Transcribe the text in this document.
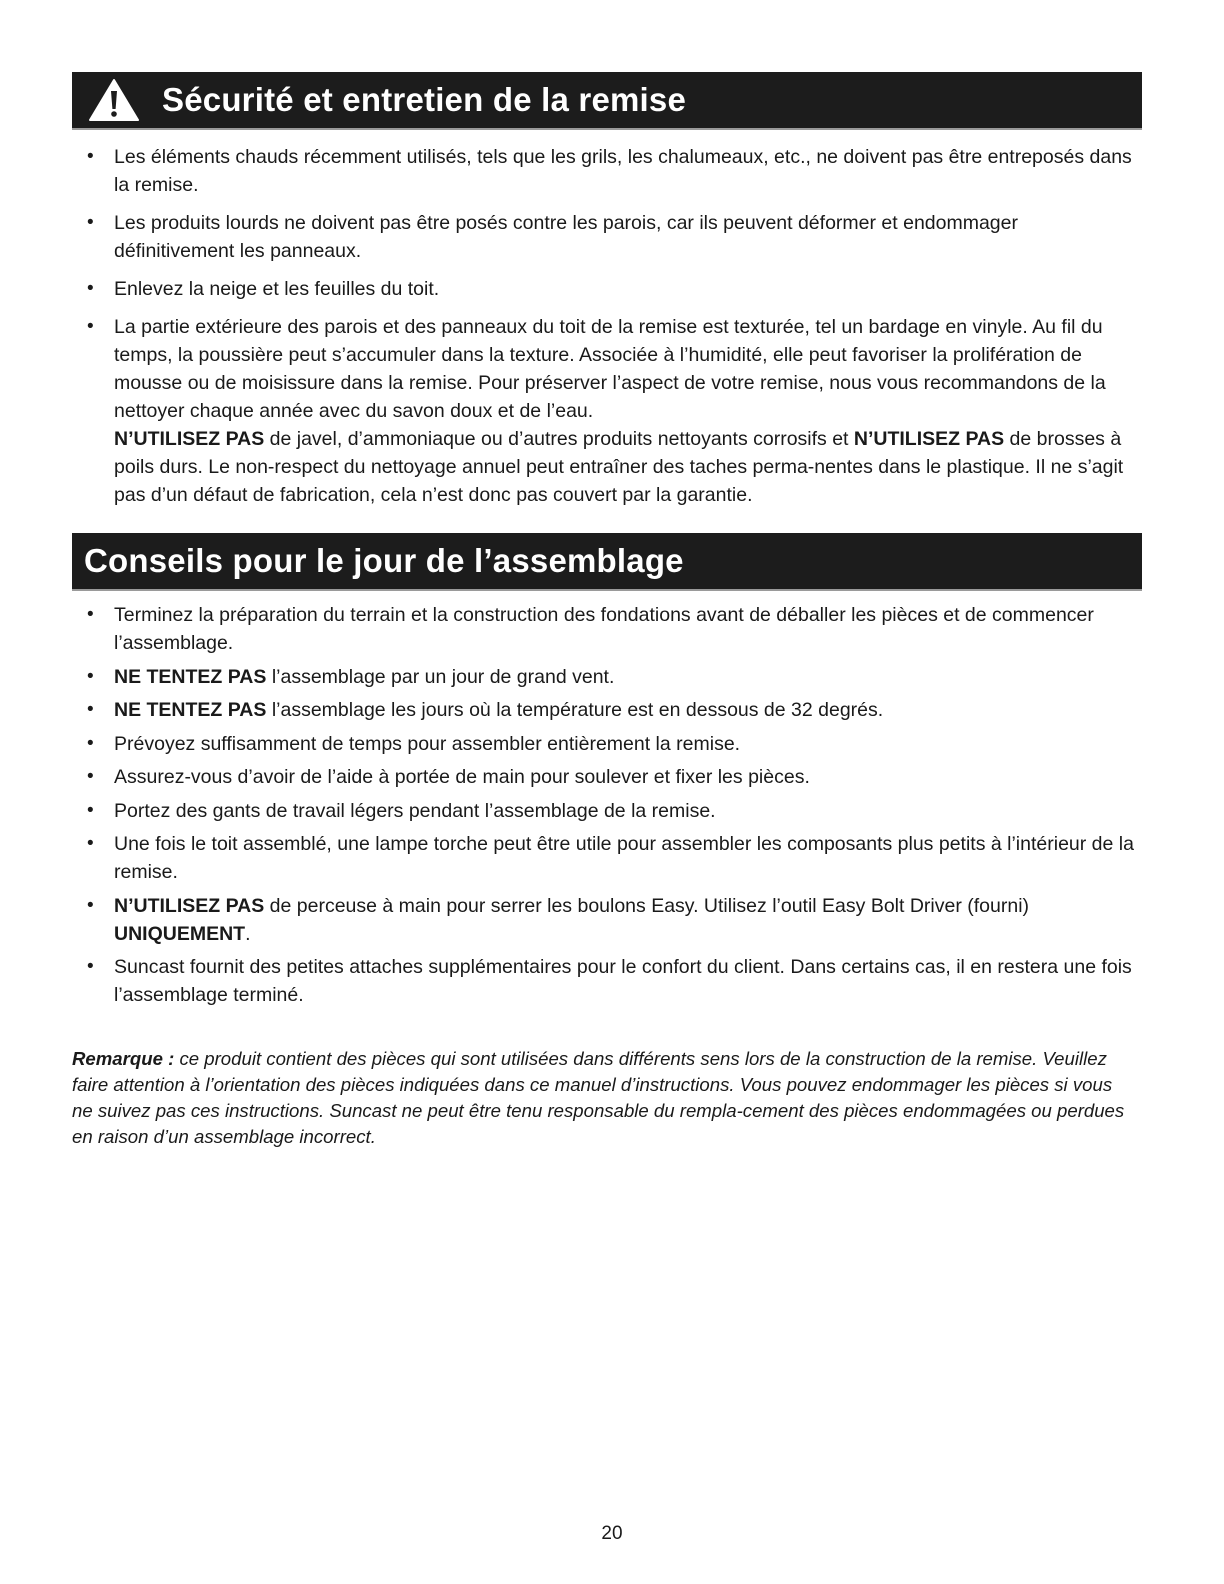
Sécurité et entretien de la remise
• Les éléments chauds récemment utilisés, tels que les grils, les chalumeaux, etc., ne doivent pas être entreposés dans la remise.
• Les produits lourds ne doivent pas être posés contre les parois, car ils peuvent déformer et endommager définitivement les panneaux.
• Enlevez la neige et les feuilles du toit.
• La partie extérieure des parois et des panneaux du toit de la remise est texturée, tel un bardage en vinyle. Au fil du temps, la poussière peut s’accumuler dans la texture. Associée à l’humidité, elle peut favoriser la prolifération de mousse ou de moisissure dans la remise. Pour préserver l’aspect de votre remise, nous vous recommandons de la nettoyer chaque année avec du savon doux et de l’eau.
N’UTILISEZ PAS de javel, d’ammoniaque ou d’autres produits nettoyants corrosifs et N’UTILISEZ PAS de brosses à poils durs. Le non-respect du nettoyage annuel peut entraîner des taches perma-nentes dans le plastique. Il ne s’agit pas d’un défaut de fabrication, cela n’est donc pas couvert par la garantie.
Conseils pour le jour de l’assemblage
• Terminez la préparation du terrain et la construction des fondations avant de déballer les pièces et de commencer l’assemblage.
• NE TENTEZ PAS l’assemblage par un jour de grand vent.
• NE TENTEZ PAS l’assemblage les jours où la température est en dessous de 32 degrés.
• Prévoyez suffisamment de temps pour assembler entièrement la remise.
• Assurez-vous d’avoir de l’aide à portée de main pour soulever et fixer les pièces.
• Portez des gants de travail légers pendant l’assemblage de la remise.
• Une fois le toit assemblé, une lampe torche peut être utile pour assembler les composants plus petits à l’intérieur de la remise.
• N’UTILISEZ PAS de perceuse à main pour serrer les boulons Easy. Utilisez l’outil Easy Bolt Driver (fourni) UNIQUEMENT.
• Suncast fournit des petites attaches supplémentaires pour le confort du client. Dans certains cas, il en restera une fois l’assemblage terminé.

Remarque : ce produit contient des pièces qui sont utilisées dans différents sens lors de la construction de la remise. Veuillez faire attention à l’orientation des pièces indiquées dans ce manuel d’instructions. Vous pouvez endommager les pièces si vous ne suivez pas ces instructions. Suncast ne peut être tenu responsable du rempla-cement des pièces endommagées ou perdues en raison d’un assemblage incorrect.

20
